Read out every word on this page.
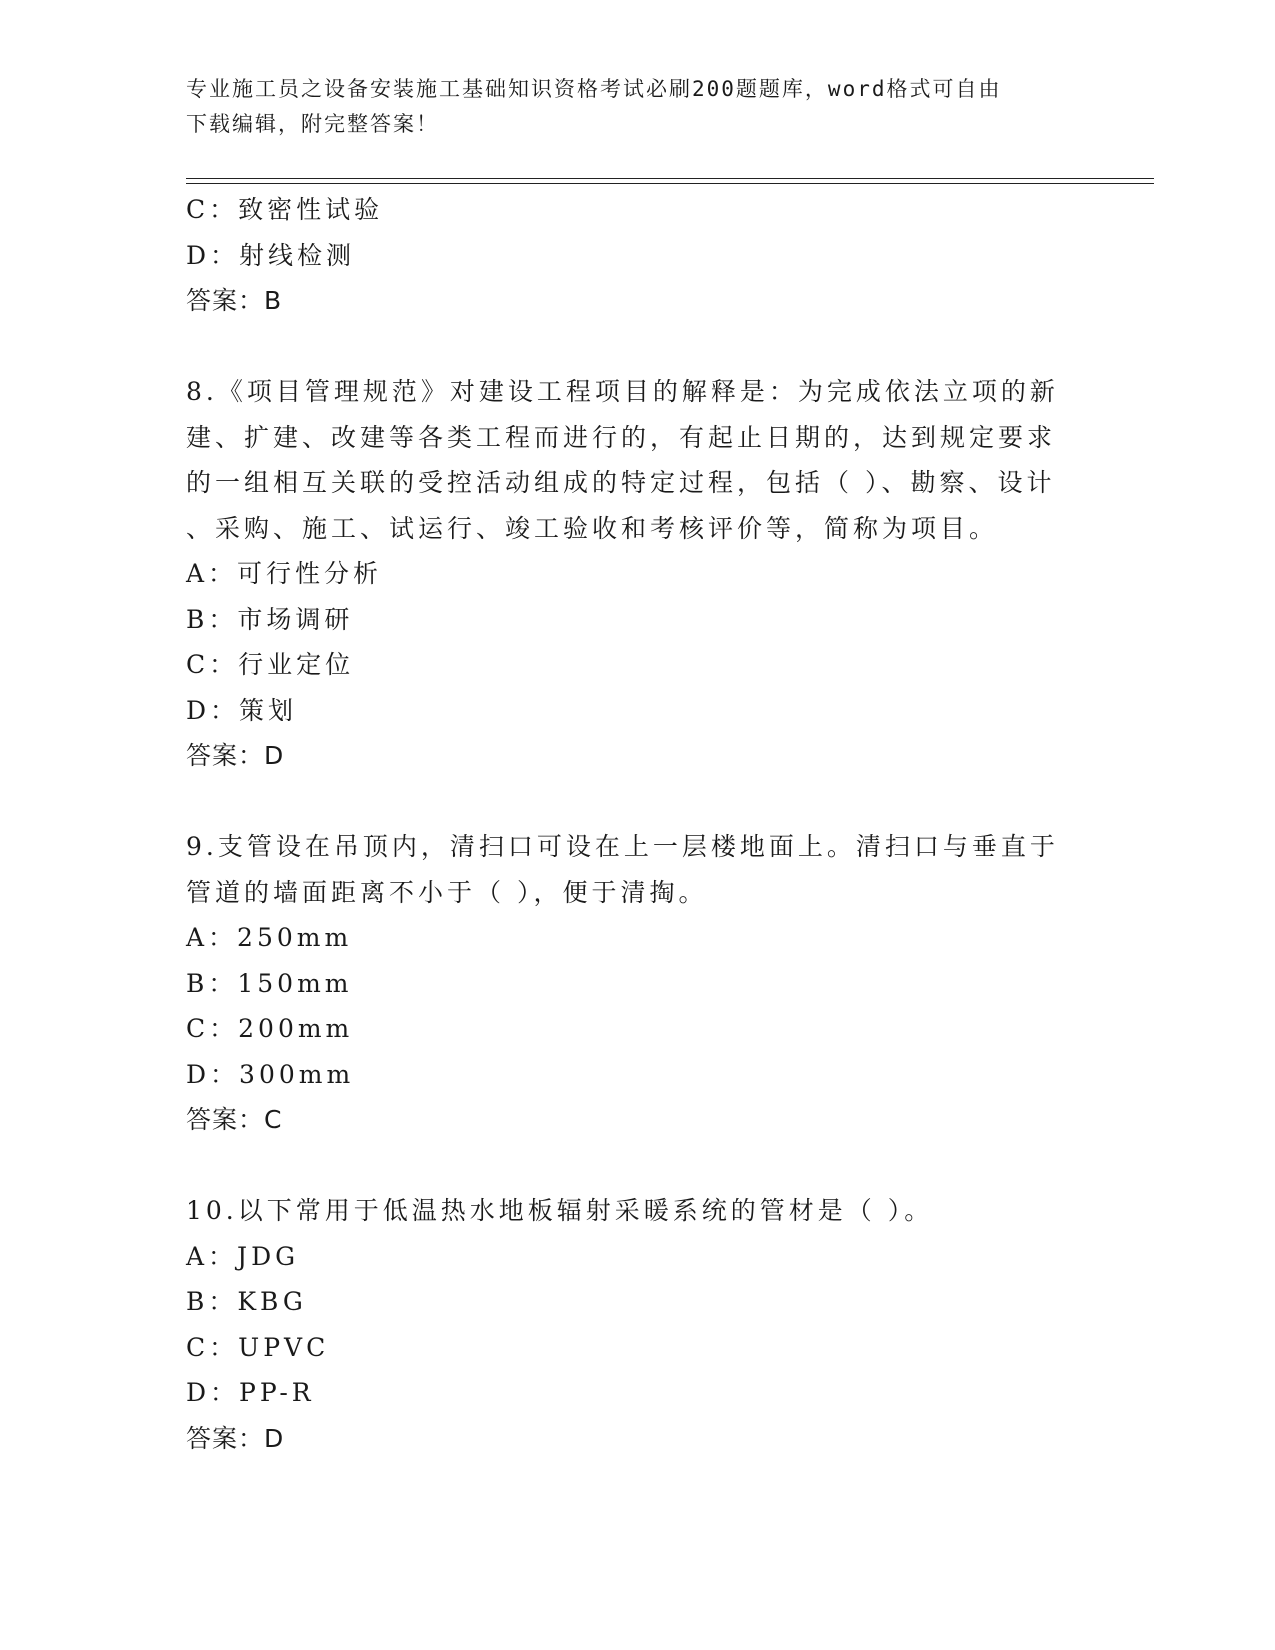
专业施工员之设备安装施工基础知识资格考试必刷200题题库，word格式可自由
下载编辑，附完整答案！
C：致密性试验
D：射线检测
答案：B
8.《项目管理规范》对建设工程项目的解释是：为完成依法立项的新
建、扩建、改建等各类工程而进行的，有起止日期的，达到规定要求
的一组相互关联的受控活动组成的特定过程，包括（ ）、勘察、设计
、采购、施工、试运行、竣工验收和考核评价等，简称为项目。
A：可行性分析
B：市场调研
C：行业定位
D：策划
答案：D
9.支管设在吊顶内，清扫口可设在上一层楼地面上。清扫口与垂直于
管道的墙面距离不小于（ ），便于清掏。
A：250mm
B：150mm
C：200mm
D：300mm
答案：C
10.以下常用于低温热水地板辐射采暖系统的管材是（ ）。
A：JDG
B：KBG
C：UPVC
D：PP-R
答案：D
